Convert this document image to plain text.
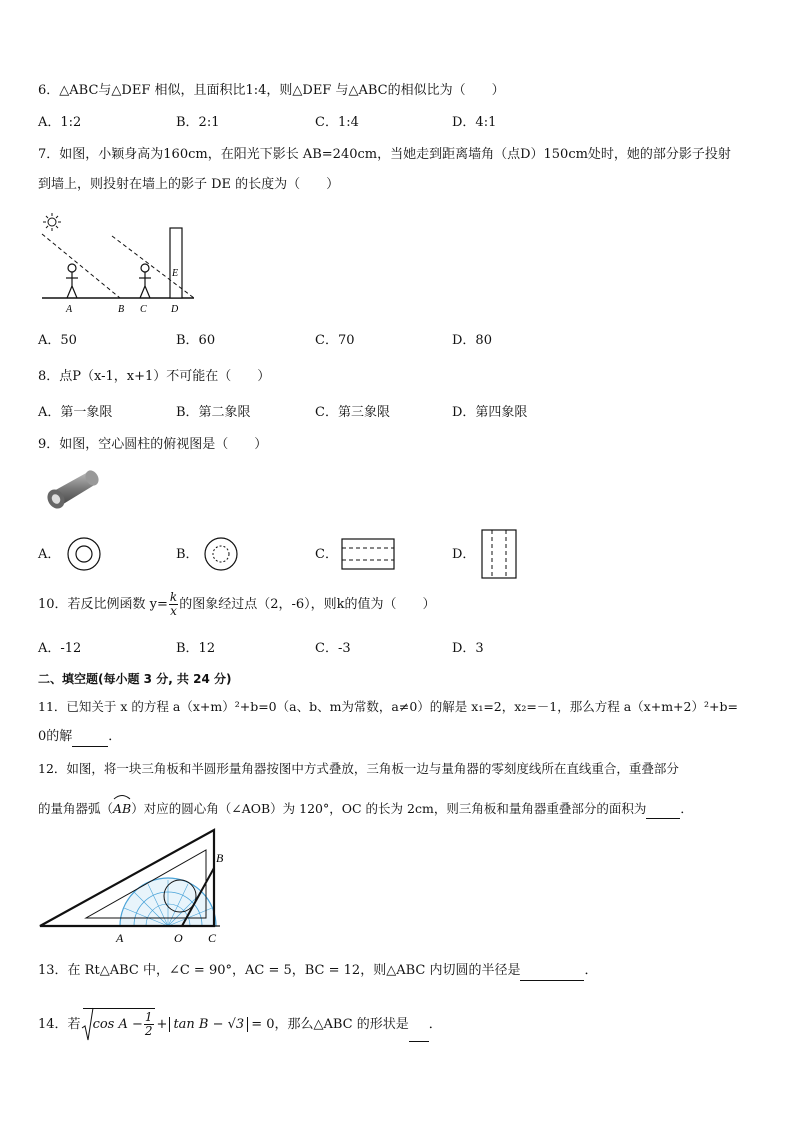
6．△ABC与△DEF 相似，且面积比1:4，则△DEF 与△ABC的相似比为（　　）
A．1:2	B．2:1	C．1:4	D．4:1
7．如图，小颖身高为160cm，在阳光下影长 AB=240cm，当她走到距离墙角（点D）150cm处时，她的部分影子投射
到墙上，则投射在墙上的影子 DE 的长度为（　　）
A	B C D
E
A．50	B．60	C．70	D．80
8．点P（x-1，x+1）不可能在（　　）
A．第一象限	B．第二象限	C．第三象限	D．第四象限
9．如图，空心圆柱的俯视图是（　　）
A．	B．	C．	D．
10．若反比例函数 $y= \frac{k}{x}$ 的图象经过点（2，-6），则k的值为（　　）
A．-12	B．12	C．-3	D．3
二、填空题(每小题 3 分, 共 24 分)
11．已知关于 x 的方程 a（x+m）²+b=0（a、b、m为常数，a≠0）的解是 x₁=2，x₂=－1，那么方程 a（x+m+2）²+b=
0的解	．
12．如图，将一块三角板和半圆形量角器按图中方式叠放，三角板一边与量角器的零刻度线所在直线重合，重叠部分
的量角器弧（
AB）对应的圆心角（∠AOB）为 120°，OC 的长为 2cm，则三角板和量角器重叠部分的面积为	．
A	O C
B
13．在 Rt△ABC 中，∠C = 90°，AC = 5，BC = 12，则△ABC 内切圆的半径是	．
14．若 $\cos A - \frac{1}{2} + \tan B - √3 = 0$，那么△ABC 的形状是 ．
